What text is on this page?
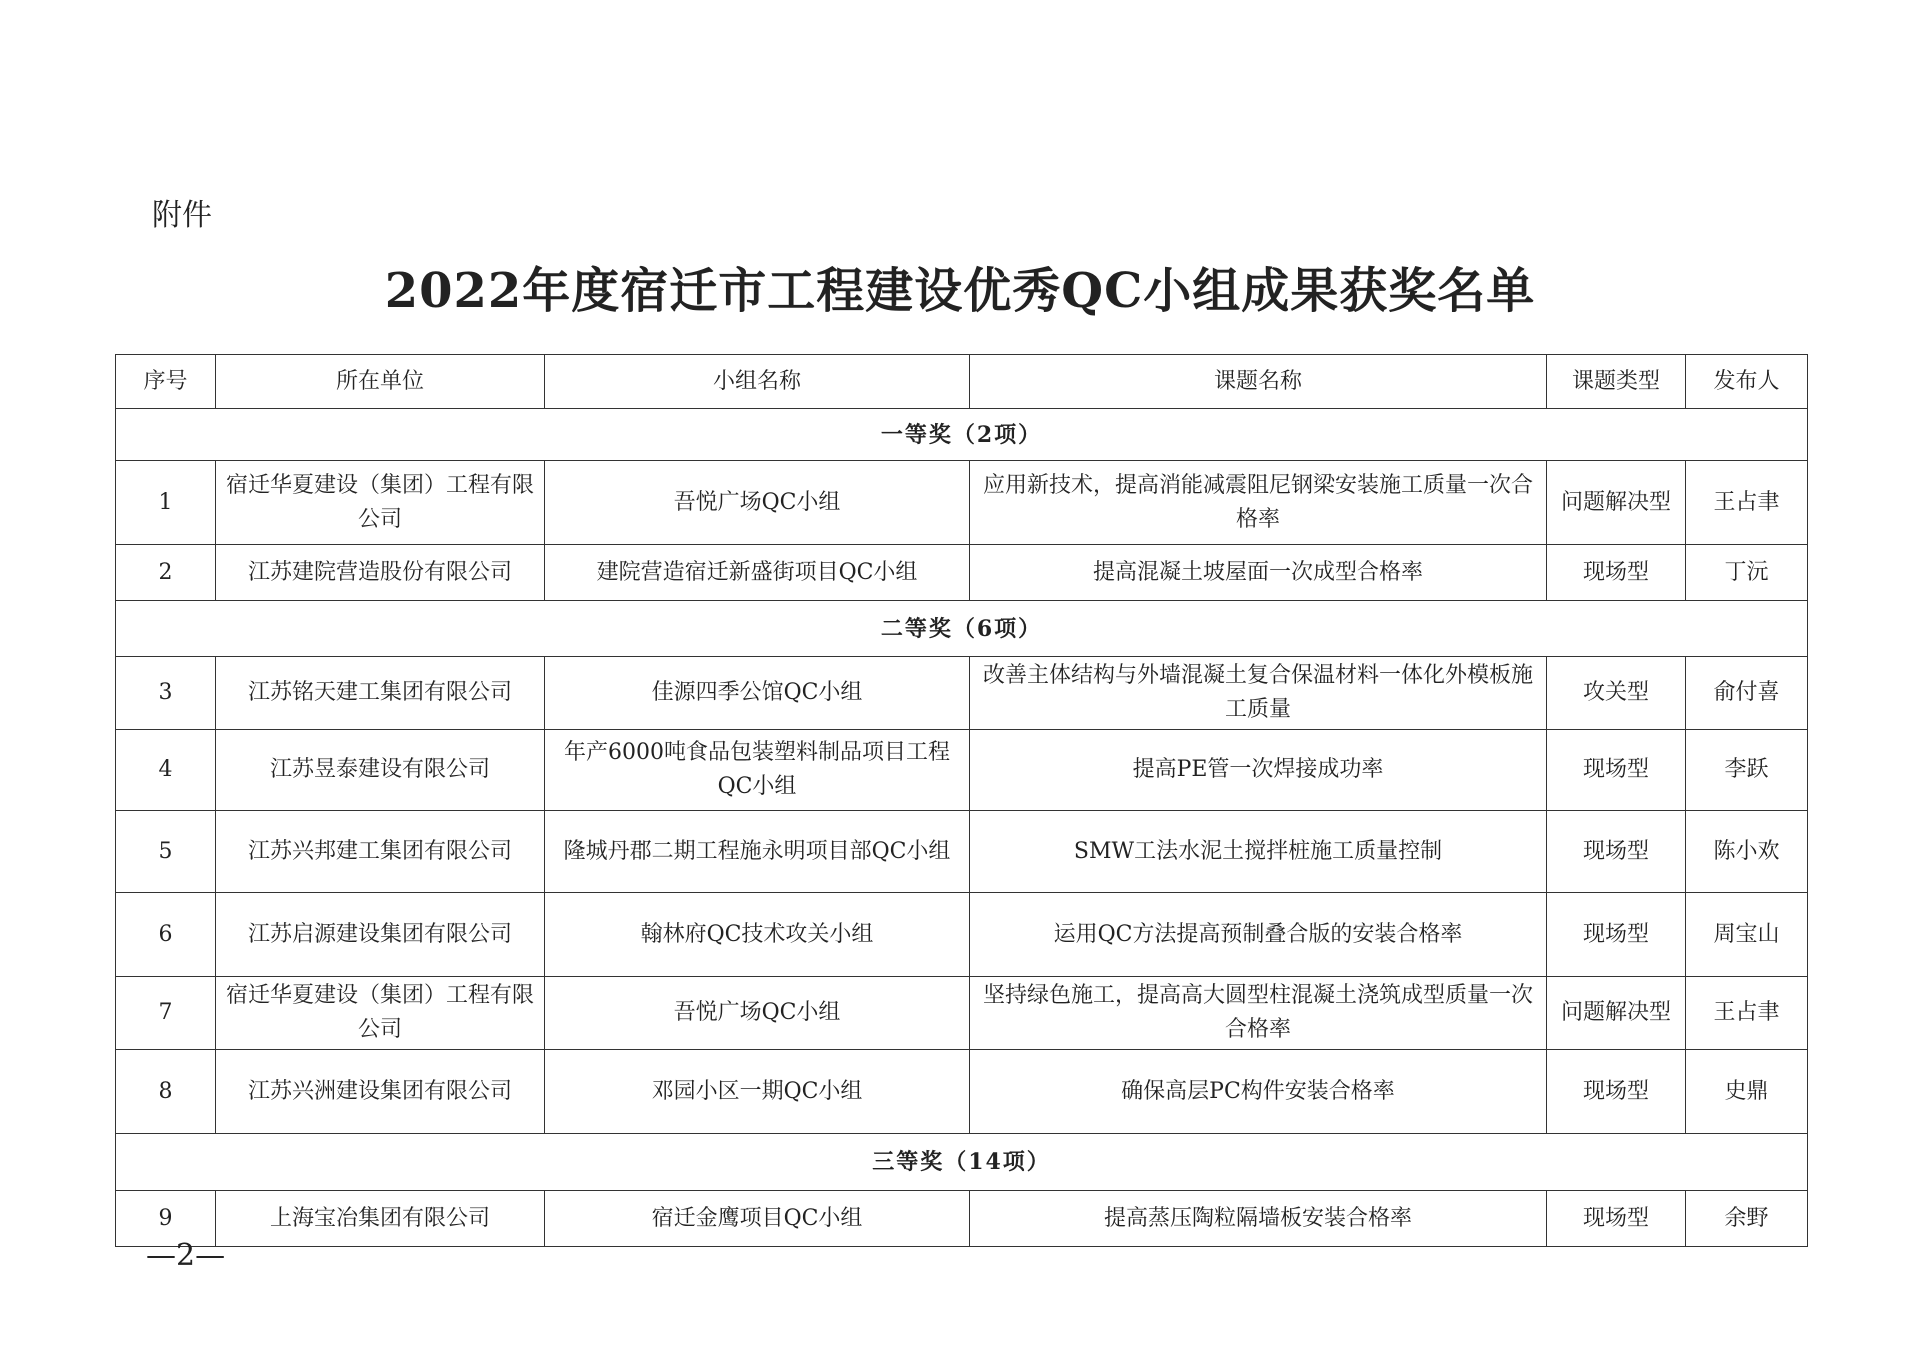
附件
2022年度宿迁市工程建设优秀QC小组成果获奖名单
序号	所在单位	小组名称	课题名称	课题类型	发布人
一等奖（2项）					
1	宿迁华夏建设（集团）工程有限公司	吾悦广场QC小组	应用新技术，提高消能减震阻尼钢梁安装施工质量一次合格率	问题解决型	王占聿
2	江苏建院营造股份有限公司	建院营造宿迁新盛街项目QC小组	提高混凝土坡屋面一次成型合格率	现场型	丁沅
二等奖（6项）					
3	江苏铭天建工集团有限公司	佳源四季公馆QC小组	改善主体结构与外墙混凝土复合保温材料一体化外模板施工质量	攻关型	俞付喜
4	江苏昱泰建设有限公司	年产6000吨食品包装塑料制品项目工程QC小组	提高PE管一次焊接成功率	现场型	李跃
5	江苏兴邦建工集团有限公司	隆城丹郡二期工程施永明项目部QC小组	SMW工法水泥土搅拌桩施工质量控制	现场型	陈小欢
6	江苏启源建设集团有限公司	翰林府QC技术攻关小组	运用QC方法提高预制叠合版的安装合格率	现场型	周宝山
7	宿迁华夏建设（集团）工程有限公司	吾悦广场QC小组	坚持绿色施工，提高高大圆型柱混凝土浇筑成型质量一次合格率	问题解决型	王占聿
8	江苏兴洲建设集团有限公司	邓园小区一期QC小组	确保高层PC构件安装合格率	现场型	史鼎
三等奖（14项）					
9	上海宝冶集团有限公司	宿迁金鹰项目QC小组	提高蒸压陶粒隔墙板安装合格率	现场型	余野
—2—
